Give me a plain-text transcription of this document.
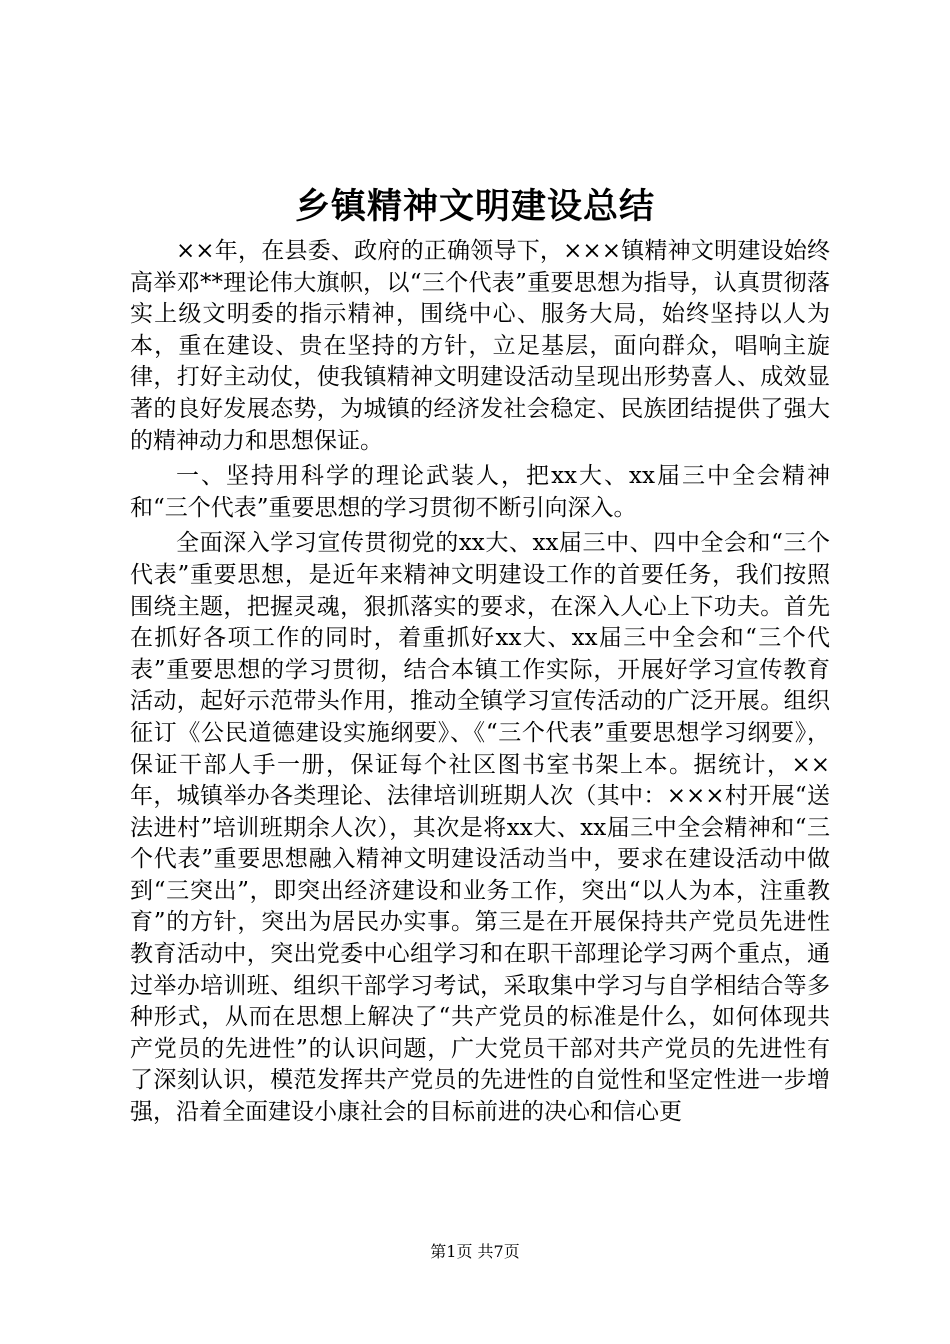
乡镇精神文明建设总结

××年，在县委、政府的正确领导下，×××镇精神文明建设始终高举邓**理论伟大旗帜，以“三个代表”重要思想为指导，认真贯彻落实上级文明委的指示精神，围绕中心、服务大局，始终坚持以人为本，重在建设、贵在坚持的方针，立足基层，面向群众，唱响主旋律，打好主动仗，使我镇精神文明建设活动呈现出形势喜人、成效显著的良好发展态势，为城镇的经济发社会稳定、民族团结提供了强大的精神动力和思想保证。

一、坚持用科学的理论武装人，把xx大、xx届三中全会精神和“三个代表”重要思想的学习贯彻不断引向深入。

全面深入学习宣传贯彻党的xx大、xx届三中、四中全会和“三个代表”重要思想，是近年来精神文明建设工作的首要任务，我们按照围绕主题，把握灵魂，狠抓落实的要求，在深入人心上下功夫。首先在抓好各项工作的同时，着重抓好xx大、xx届三中全会和“三个代表”重要思想的学习贯彻，结合本镇工作实际，开展好学习宣传教育活动，起好示范带头作用，推动全镇学习宣传活动的广泛开展。组织征订《公民道德建设实施纲要》、《“三个代表”重要思想学习纲要》，保证干部人手一册，保证每个社区图书室书架上本。据统计，××年，城镇举办各类理论、法律培训班期人次（其中：×××村开展“送法进村”培训班期余人次），其次是将xx大、xx届三中全会精神和“三个代表”重要思想融入精神文明建设活动当中，要求在建设活动中做到“三突出”，即突出经济建设和业务工作，突出“以人为本，注重教育”的方针，突出为居民办实事。第三是在开展保持共产党员先进性教育活动中，突出党委中心组学习和在职干部理论学习两个重点，通过举办培训班、组织干部学习考试，采取集中学习与自学相结合等多种形式，从而在思想上解决了“共产党员的标准是什么，如何体现共产党员的先进性”的认识问题，广大党员干部对共产党员的先进性有了深刻认识，模范发挥共产党员的先进性的自觉性和坚定性进一步增强，沿着全面建设小康社会的目标前进的决心和信心更

第1页 共7页
